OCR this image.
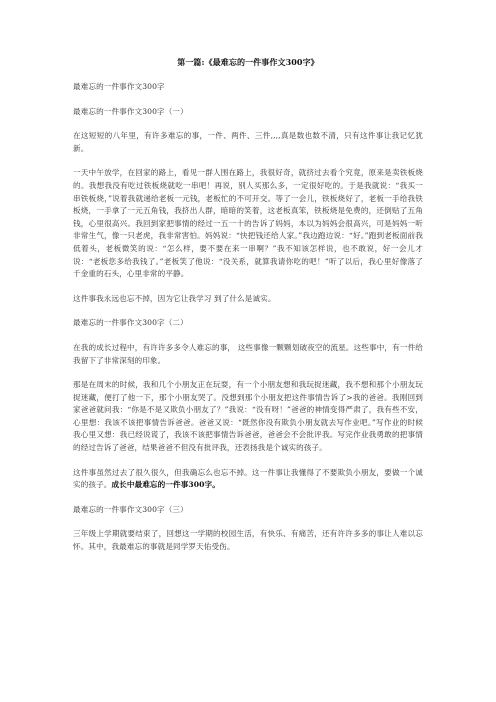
第一篇:《最难忘的一件事作文300字》
最难忘的一件事作文300字
最难忘的一件事作文300字（一）
在这短短的八年里，有许多难忘的事，一件、两件、三件,,,,真是数也数不清，只有这件事让我记忆犹新。
一天中午放学，在回家的路上，看见一群人围在路上，我很好奇，就挤过去看个究竟，原来是卖铁板烧的。我想我没有吃过铁板烧就吃一串吧！再说，别人买那么多，一定很好吃的。于是我就说：“我买一串铁板烧，”说着我就递给老板一元钱，老板忙的不可开交。等了一会儿，铁板烧好了，老板一手给我铁板烧，一手拿了一元五角钱，我挤出人群，暗暗的笑着，这老板真笨，铁板烧是免费的，还倒贴了五角钱，心里很高兴。我回到家把事情的经过一五一十的告诉了妈妈，本以为妈妈会很高兴，可是妈妈一听非常生气，像一只老虎，我非常害怕。妈妈说：“快把钱还给人家。”我边跑边说：“好。”跑到老板面前我低着头，老板微笑的说：“怎么样，要不要在来一串啊？”我不知该怎样说，也不敢说，好一会儿才说：“老板您多给我钱了。”老板笑了他说：“没关系，就算我请你吃的吧！”听了以后，我心里好像落了千金重的石头，心里非常的平静。
这件事我永远也忘不掉，因为它让我学习 到了什么是诚实。
最难忘的一件事作文300字（二）
在我的成长过程中，有许许多多令人难忘的事， 这些事像一颗颗划破夜空的流星。这些事中，有一件给我留下了非常深刻的印象。
那是在周末的时候，我和几个小朋友正在玩耍，有一个小朋友想和我玩捉迷藏，我不想和那个小朋友玩捉迷藏，便打了他一下，那个小朋友哭了。没想到那个小朋友把这件事情告诉了>我的爸爸。我刚回到家爸爸就问我：“你是不是又欺负小朋友了？”我说：“没有呀！”爸爸的神情变得严肃了，我有些不安，心里想：我该不该把事情告诉爸爸。爸爸又说：“既然你没有欺负小朋友就去写作业吧。”写作业的时候我心里又想：我已经说谎了，我该不该把事情告诉爸爸，爸爸会不会批评我。写完作业我勇敢的把事情的经过告诉了爸爸，结果爸爸不但没有批评我，还表扬我是个诚实的孩子。
这件事虽然过去了很久很久，但我确忘么也忘不掉。这一件事让我懂得了不要欺负小朋友，要做一个诚实的孩子。成长中最难忘的一件事300字。
最难忘的一件事作文300字（三）
三年级上学期就要结束了，回想这一学期的校园生活，有快乐、有痛苦，还有许许多多的事让人难以忘怀。其中，我最难忘的事就是同学罗天佑受伤。
